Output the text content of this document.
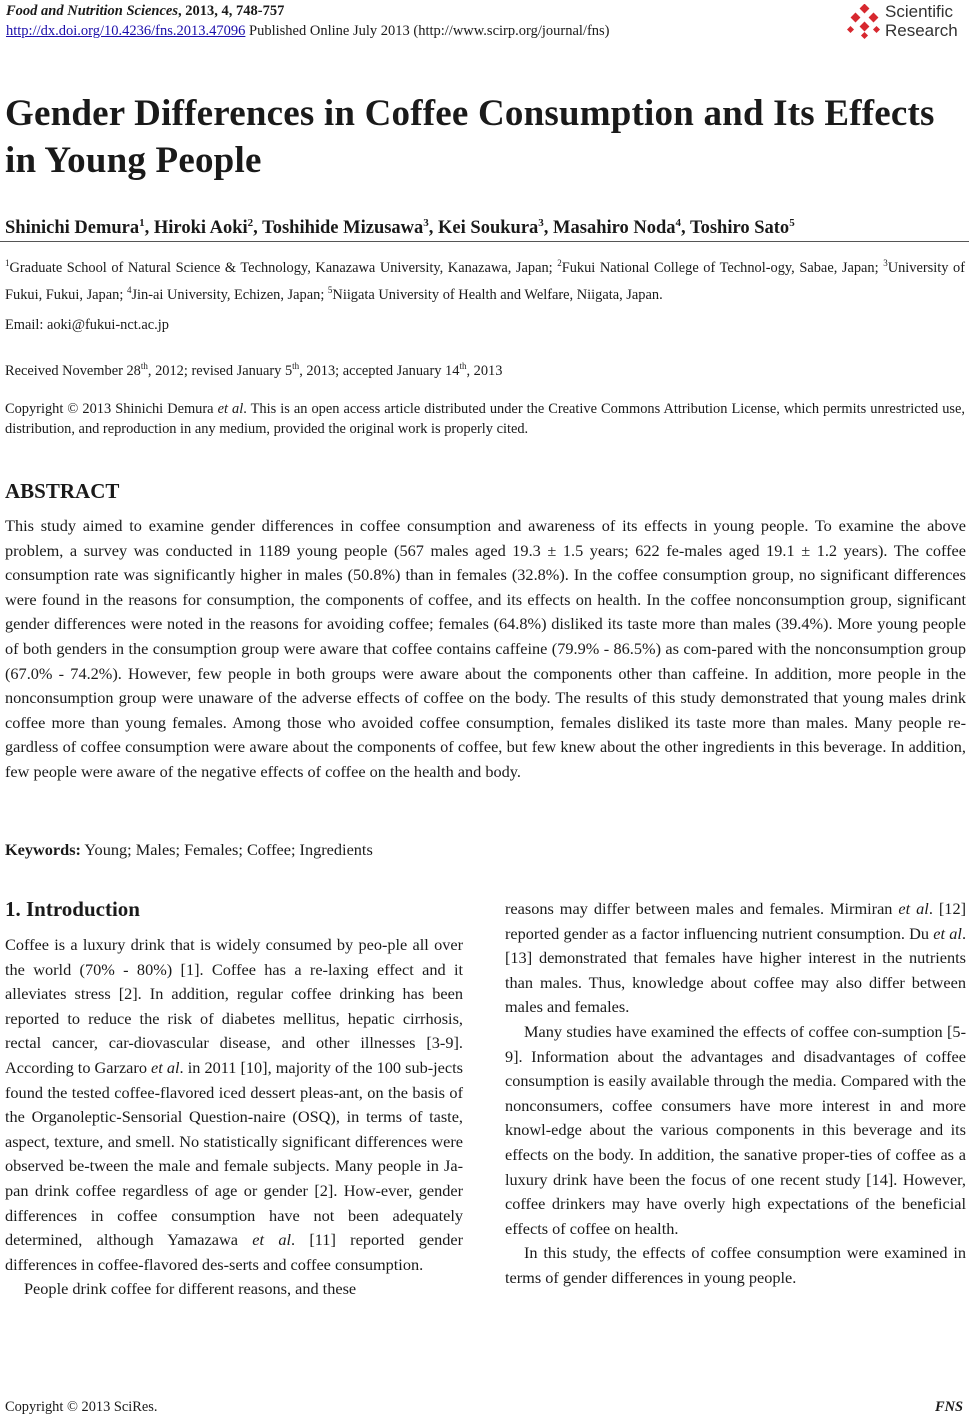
Food and Nutrition Sciences, 2013, 4, 748-757
http://dx.doi.org/10.4236/fns.2013.47096 Published Online July 2013 (http://www.scirp.org/journal/fns)
Scientific
Research
Gender Differences in Coffee Consumption and Its Effects in Young People
Shinichi Demura$^1$, Hiroki Aoki$^2$, Toshihide Mizusawa$^3$, Kei Soukura$^3$, Masahiro Noda$^4$, Toshiro Sato$^5$
$^1$Graduate School of Natural Science & Technology, Kanazawa University, Kanazawa, Japan; $^2$Fukui National College of Technol-ogy, Sabae, Japan; $^3$University of Fukui, Fukui, Japan; $^4$Jin-ai University, Echizen, Japan; $^5$Niigata University of Health and Welfare, Niigata, Japan.
Email: aoki@fukui-nct.ac.jp
Received November 28th, 2012; revised January 5th, 2013; accepted January 14th, 2013
Copyright © 2013 Shinichi Demura et al. This is an open access article distributed under the Creative Commons Attribution License, which permits unrestricted use, distribution, and reproduction in any medium, provided the original work is properly cited.
ABSTRACT
This study aimed to examine gender differences in coffee consumption and awareness of its effects in young people. To examine the above problem, a survey was conducted in 1189 young people (567 males aged 19.3 ± 1.5 years; 622 fe-males aged 19.1 ± 1.2 years). The coffee consumption rate was significantly higher in males (50.8%) than in females (32.8%). In the coffee consumption group, no significant differences were found in the reasons for consumption, the components of coffee, and its effects on health. In the coffee nonconsumption group, significant gender differences were noted in the reasons for avoiding coffee; females (64.8%) disliked its taste more than males (39.4%). More young people of both genders in the consumption group were aware that coffee contains caffeine (79.9% - 86.5%) as com-pared with the nonconsumption group (67.0% - 74.2%). However, few people in both groups were aware about the components other than caffeine. In addition, more people in the nonconsumption group were unaware of the adverse effects of coffee on the body. The results of this study demonstrated that young males drink coffee more than young females. Among those who avoided coffee consumption, females disliked its taste more than males. Many people re-gardless of coffee consumption were aware about the components of coffee, but few knew about the other ingredients in this beverage. In addition, few people were aware of the negative effects of coffee on the health and body.
Keywords: Young; Males; Females; Coffee; Ingredients
1. Introduction

Coffee is a luxury drink that is widely consumed by peo-ple all over the world (70% - 80%) [1]. Coffee has a re-laxing effect and it alleviates stress [2]. In addition, regular coffee drinking has been reported to reduce the risk of diabetes mellitus, hepatic cirrhosis, rectal cancer, car-diovascular disease, and other illnesses [3-9]. According to Garzaro et al. in 2011 [10], majority of the 100 sub-jects found the tested coffee-flavored iced dessert pleas-ant, on the basis of the Organoleptic-Sensorial Question-naire (OSQ), in terms of taste, aspect, texture, and smell. No statistically significant differences were observed be-tween the male and female subjects. Many people in Ja-pan drink coffee regardless of age or gender [2]. How-ever, gender differences in coffee consumption have not been adequately determined, although Yamazawa et al. [11] reported gender differences in coffee-flavored des-serts and coffee consumption.

People drink coffee for different reasons, and these

reasons may differ between males and females. Mirmiran et al. [12] reported gender as a factor influencing nutrient consumption. Du et al. [13] demonstrated that females have higher interest in the nutrients than males. Thus, knowledge about coffee may also differ between males and females.

Many studies have examined the effects of coffee con-sumption [5-9]. Information about the advantages and disadvantages of coffee consumption is easily available through the media. Compared with the nonconsumers, coffee consumers have more interest in and more knowl-edge about the various components in this beverage and its effects on the body. In addition, the sanative proper-ties of coffee as a luxury drink have been the focus of one recent study [14]. However, coffee drinkers may have overly high expectations of the beneficial effects of coffee on health.

In this study, the effects of coffee consumption were examined in terms of gender differences in young people.

Copyright © 2013 SciRes.	FNS
